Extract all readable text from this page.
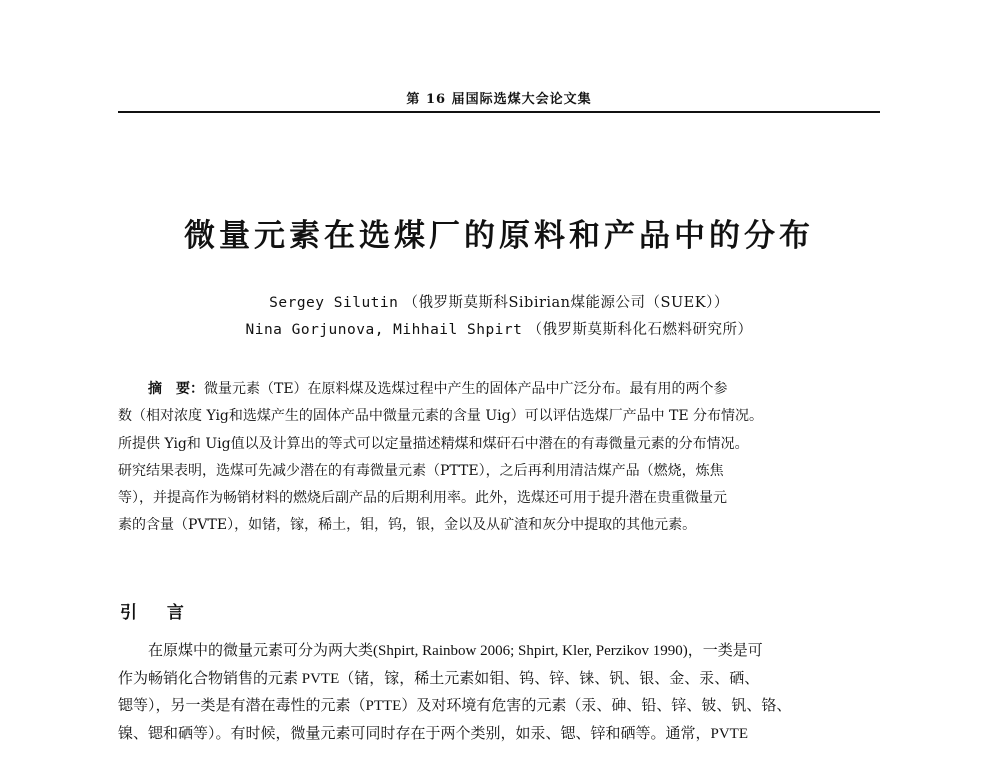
第 16 届国际选煤大会论文集
微量元素在选煤厂的原料和产品中的分布
Sergey Silutin （俄罗斯莫斯科Sibirian煤能源公司（SUEK））
Nina Gorjunova, Mihhail Shpirt （俄罗斯莫斯科化石燃料研究所）
摘　要：微量元素（TE）在原料煤及选煤过程中产生的固体产品中广泛分布。最有用的两个参
数（相对浓度 Yig和选煤产生的固体产品中微量元素的含量 Uig）可以评估选煤厂产品中 TE 分布情况。
所提供 Yig和 Uig值以及计算出的等式可以定量描述精煤和煤矸石中潜在的有毒微量元素的分布情况。
研究结果表明，选煤可先减少潜在的有毒微量元素（PTTE），之后再利用清洁煤产品（燃烧，炼焦
等），并提高作为畅销材料的燃烧后副产品的后期利用率。此外，选煤还可用于提升潜在贵重微量元
素的含量（PVTE），如锗，镓，稀土，钼，钨，银，金以及从矿渣和灰分中提取的其他元素。
引 言
在原煤中的微量元素可分为两大类(Shpirt, Rainbow 2006; Shpirt, Kler, Perzikov 1990)，一类是可
作为畅销化合物销售的元素 PVTE（锗，镓，稀土元素如钼、钨、锌、铼、钒、银、金、汞、硒、
锶等），另一类是有潜在毒性的元素（PTTE）及对环境有危害的元素（汞、砷、铅、锌、铍、钒、铬、
镍、锶和硒等）。有时候，微量元素可同时存在于两个类别，如汞、锶、锌和硒等。通常，PVTE
